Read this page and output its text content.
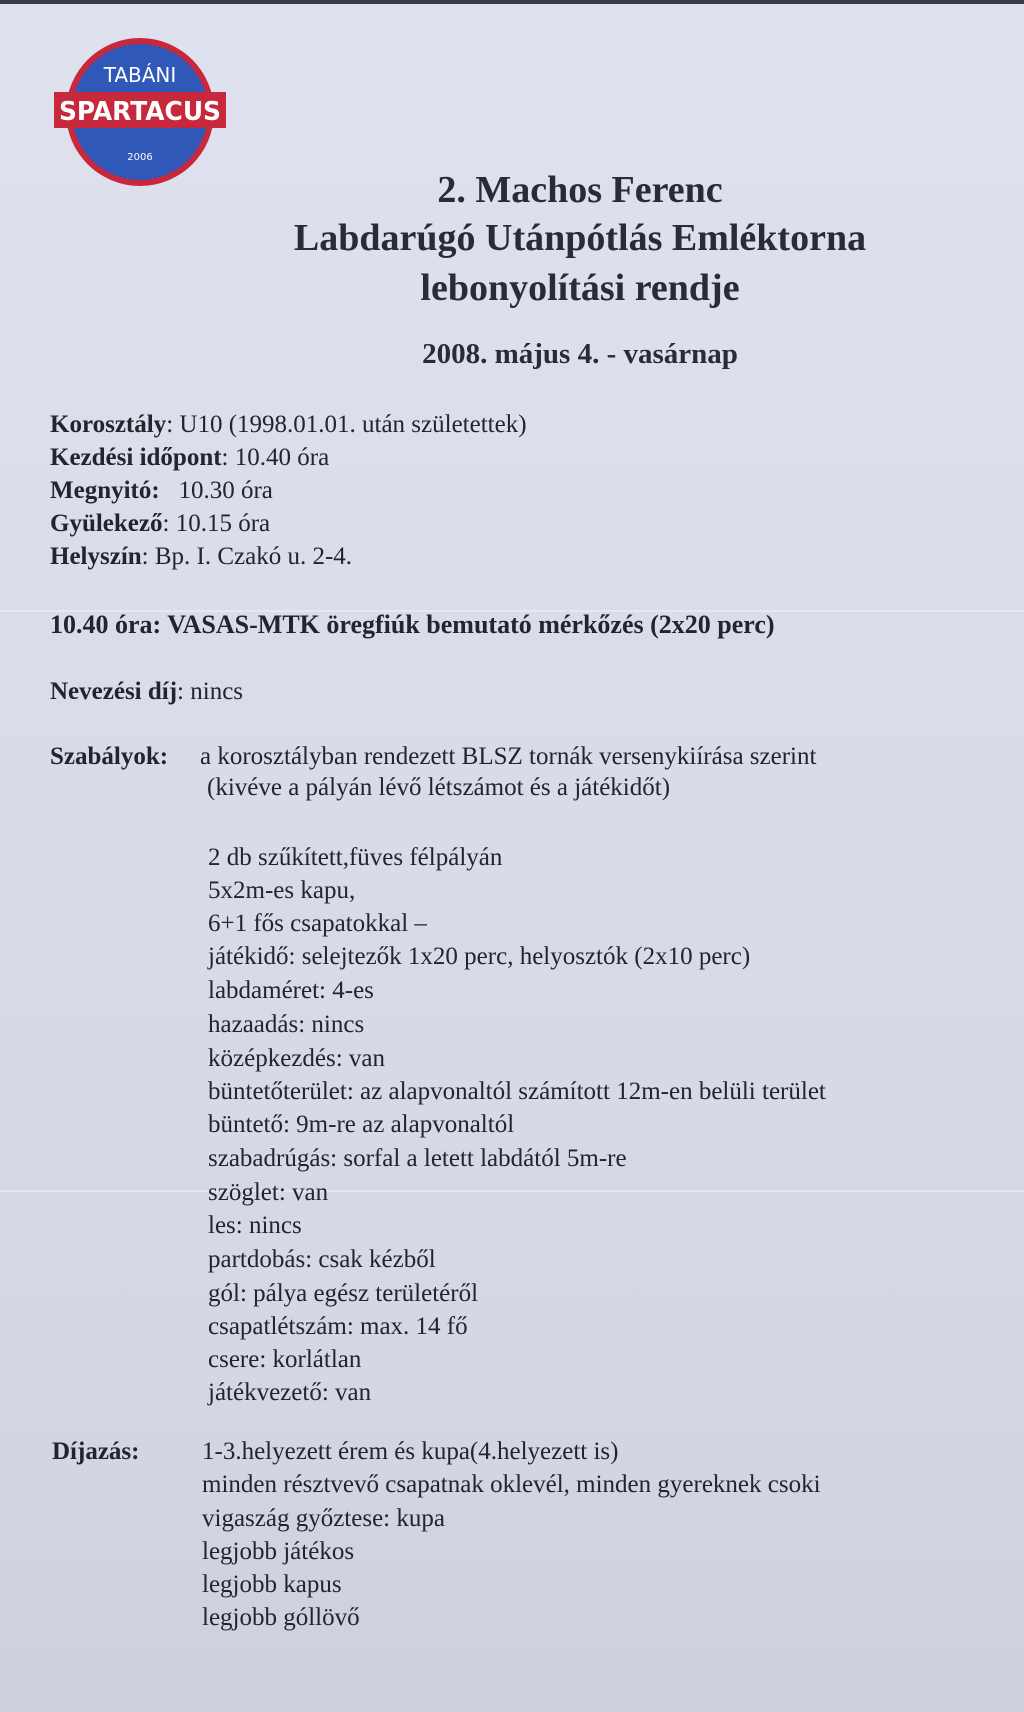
TABÁNI
SPARTACUS
2006
2. Machos Ferenc
Labdarúgó Utánpótlás Emléktorna
lebonyolítási rendje
2008. május 4. - vasárnap
Korosztály: U10 (1998.01.01. után születettek)
Kezdési időpont: 10.40 óra
Megnyitó:   10.30 óra
Gyülekező: 10.15 óra
Helyszín: Bp. I. Czakó u. 2-4.
10.40 óra: VASAS-MTK öregfiúk bemutató mérkőzés (2x20 perc)
Nevezési díj: nincs
Szabályok: a korosztályban rendezett BLSZ tornák versenykiírása szerint
(kivéve a pályán lévő létszámot és a játékidőt)
2 db szűkített,füves félpályán
5x2m-es kapu,
6+1 fős csapatokkal –
játékidő: selejtezők 1x20 perc, helyosztók (2x10 perc)
labdaméret: 4-es
hazaadás: nincs
középkezdés: van
büntetőterület: az alapvonaltól számított 12m-en belüli terület
büntető: 9m-re az alapvonaltól
szabadrúgás: sorfal a letett labdától 5m-re
szöglet: van
les: nincs
partdobás: csak kézből
gól: pálya egész területéről
csapatlétszám: max. 14 fő
csere: korlátlan
játékvezető: van
Díjazás:	1-3.helyezett érem és kupa(4.helyezett is)
minden résztvevő csapatnak oklevél, minden gyereknek csoki
vigaszág győztese: kupa
legjobb játékos
legjobb kapus
legjobb góllövő
